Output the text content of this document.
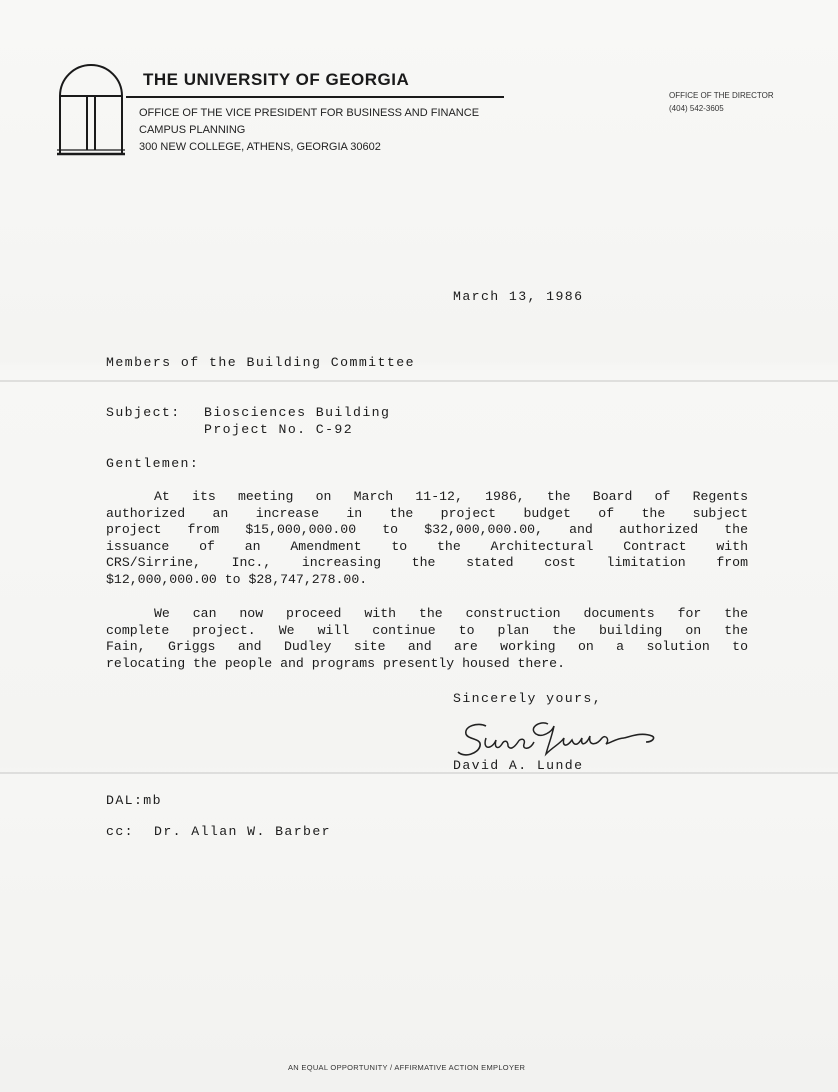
THE UNIVERSITY OF GEORGIA
OFFICE OF THE VICE PRESIDENT FOR BUSINESS AND FINANCE
CAMPUS PLANNING
300 NEW COLLEGE, ATHENS, GEORGIA 30602
OFFICE OF THE DIRECTOR
(404) 542-3605
March 13, 1986
Members of the Building Committee
Subject: Biosciences Building
Project No. C-92
Gentlemen:
At its meeting on March 11-12, 1986, the Board of Regents
authorized an increase in the project budget of the subject
project from $15,000,000.00 to $32,000,000.00, and authorized the
issuance of an Amendment to the Architectural Contract with
CRS/Sirrine, Inc., increasing the stated cost limitation from
$12,000,000.00 to $28,747,278.00.
We can now proceed with the construction documents for the
complete project. We will continue to plan the building on the
Fain, Griggs and Dudley site and are working on a solution to
relocating the people and programs presently housed there.
Sincerely yours,
David A. Lunde
DAL:mb
cc: Dr. Allan W. Barber
AN EQUAL OPPORTUNITY / AFFIRMATIVE ACTION EMPLOYER
